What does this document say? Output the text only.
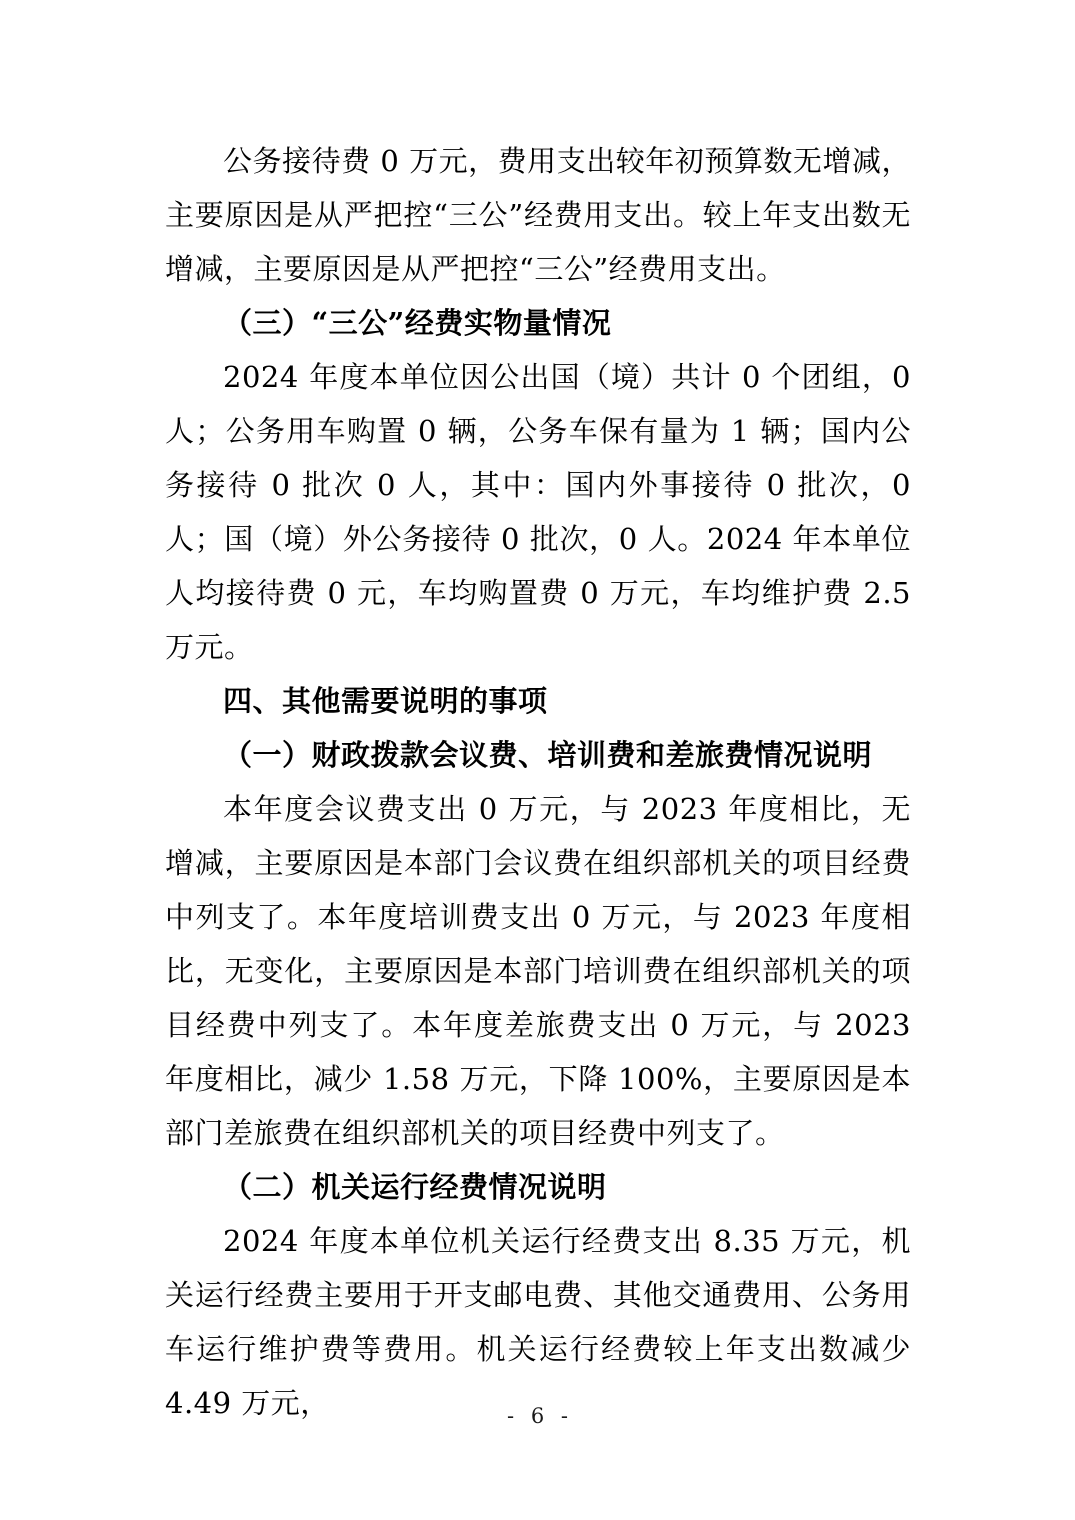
公务接待费 0 万元，费用支出较年初预算数无增减，主要原因是从严把控“三公”经费用支出。较上年支出数无增减，主要原因是从严把控“三公”经费用支出。

（三）“三公”经费实物量情况

2024 年度本单位因公出国（境）共计 0 个团组，0 人；公务用车购置 0 辆，公务车保有量为 1 辆；国内公务接待 0 批次 0 人，其中：国内外事接待 0 批次，0 人；国（境）外公务接待 0 批次，0 人。2024 年本单位人均接待费 0 元，车均购置费 0 万元，车均维护费 2.5 万元。

四、其他需要说明的事项
（一）财政拨款会议费、培训费和差旅费情况说明

本年度会议费支出 0 万元，与 2023 年度相比，无增减，主要原因是本部门会议费在组织部机关的项目经费中列支了。本年度培训费支出 0 万元，与 2023 年度相比，无变化，主要原因是本部门培训费在组织部机关的项目经费中列支了。本年度差旅费支出 0 万元，与 2023 年度相比，减少 1.58 万元，下降 100%，主要原因是本部门差旅费在组织部机关的项目经费中列支了。

（二）机关运行经费情况说明

2024 年度本单位机关运行经费支出 8.35 万元，机关运行经费主要用于开支邮电费、其他交通费用、公务用车运行维护费等费用。机关运行经费较上年支出数减少 4.49 万元，	- 6 -
